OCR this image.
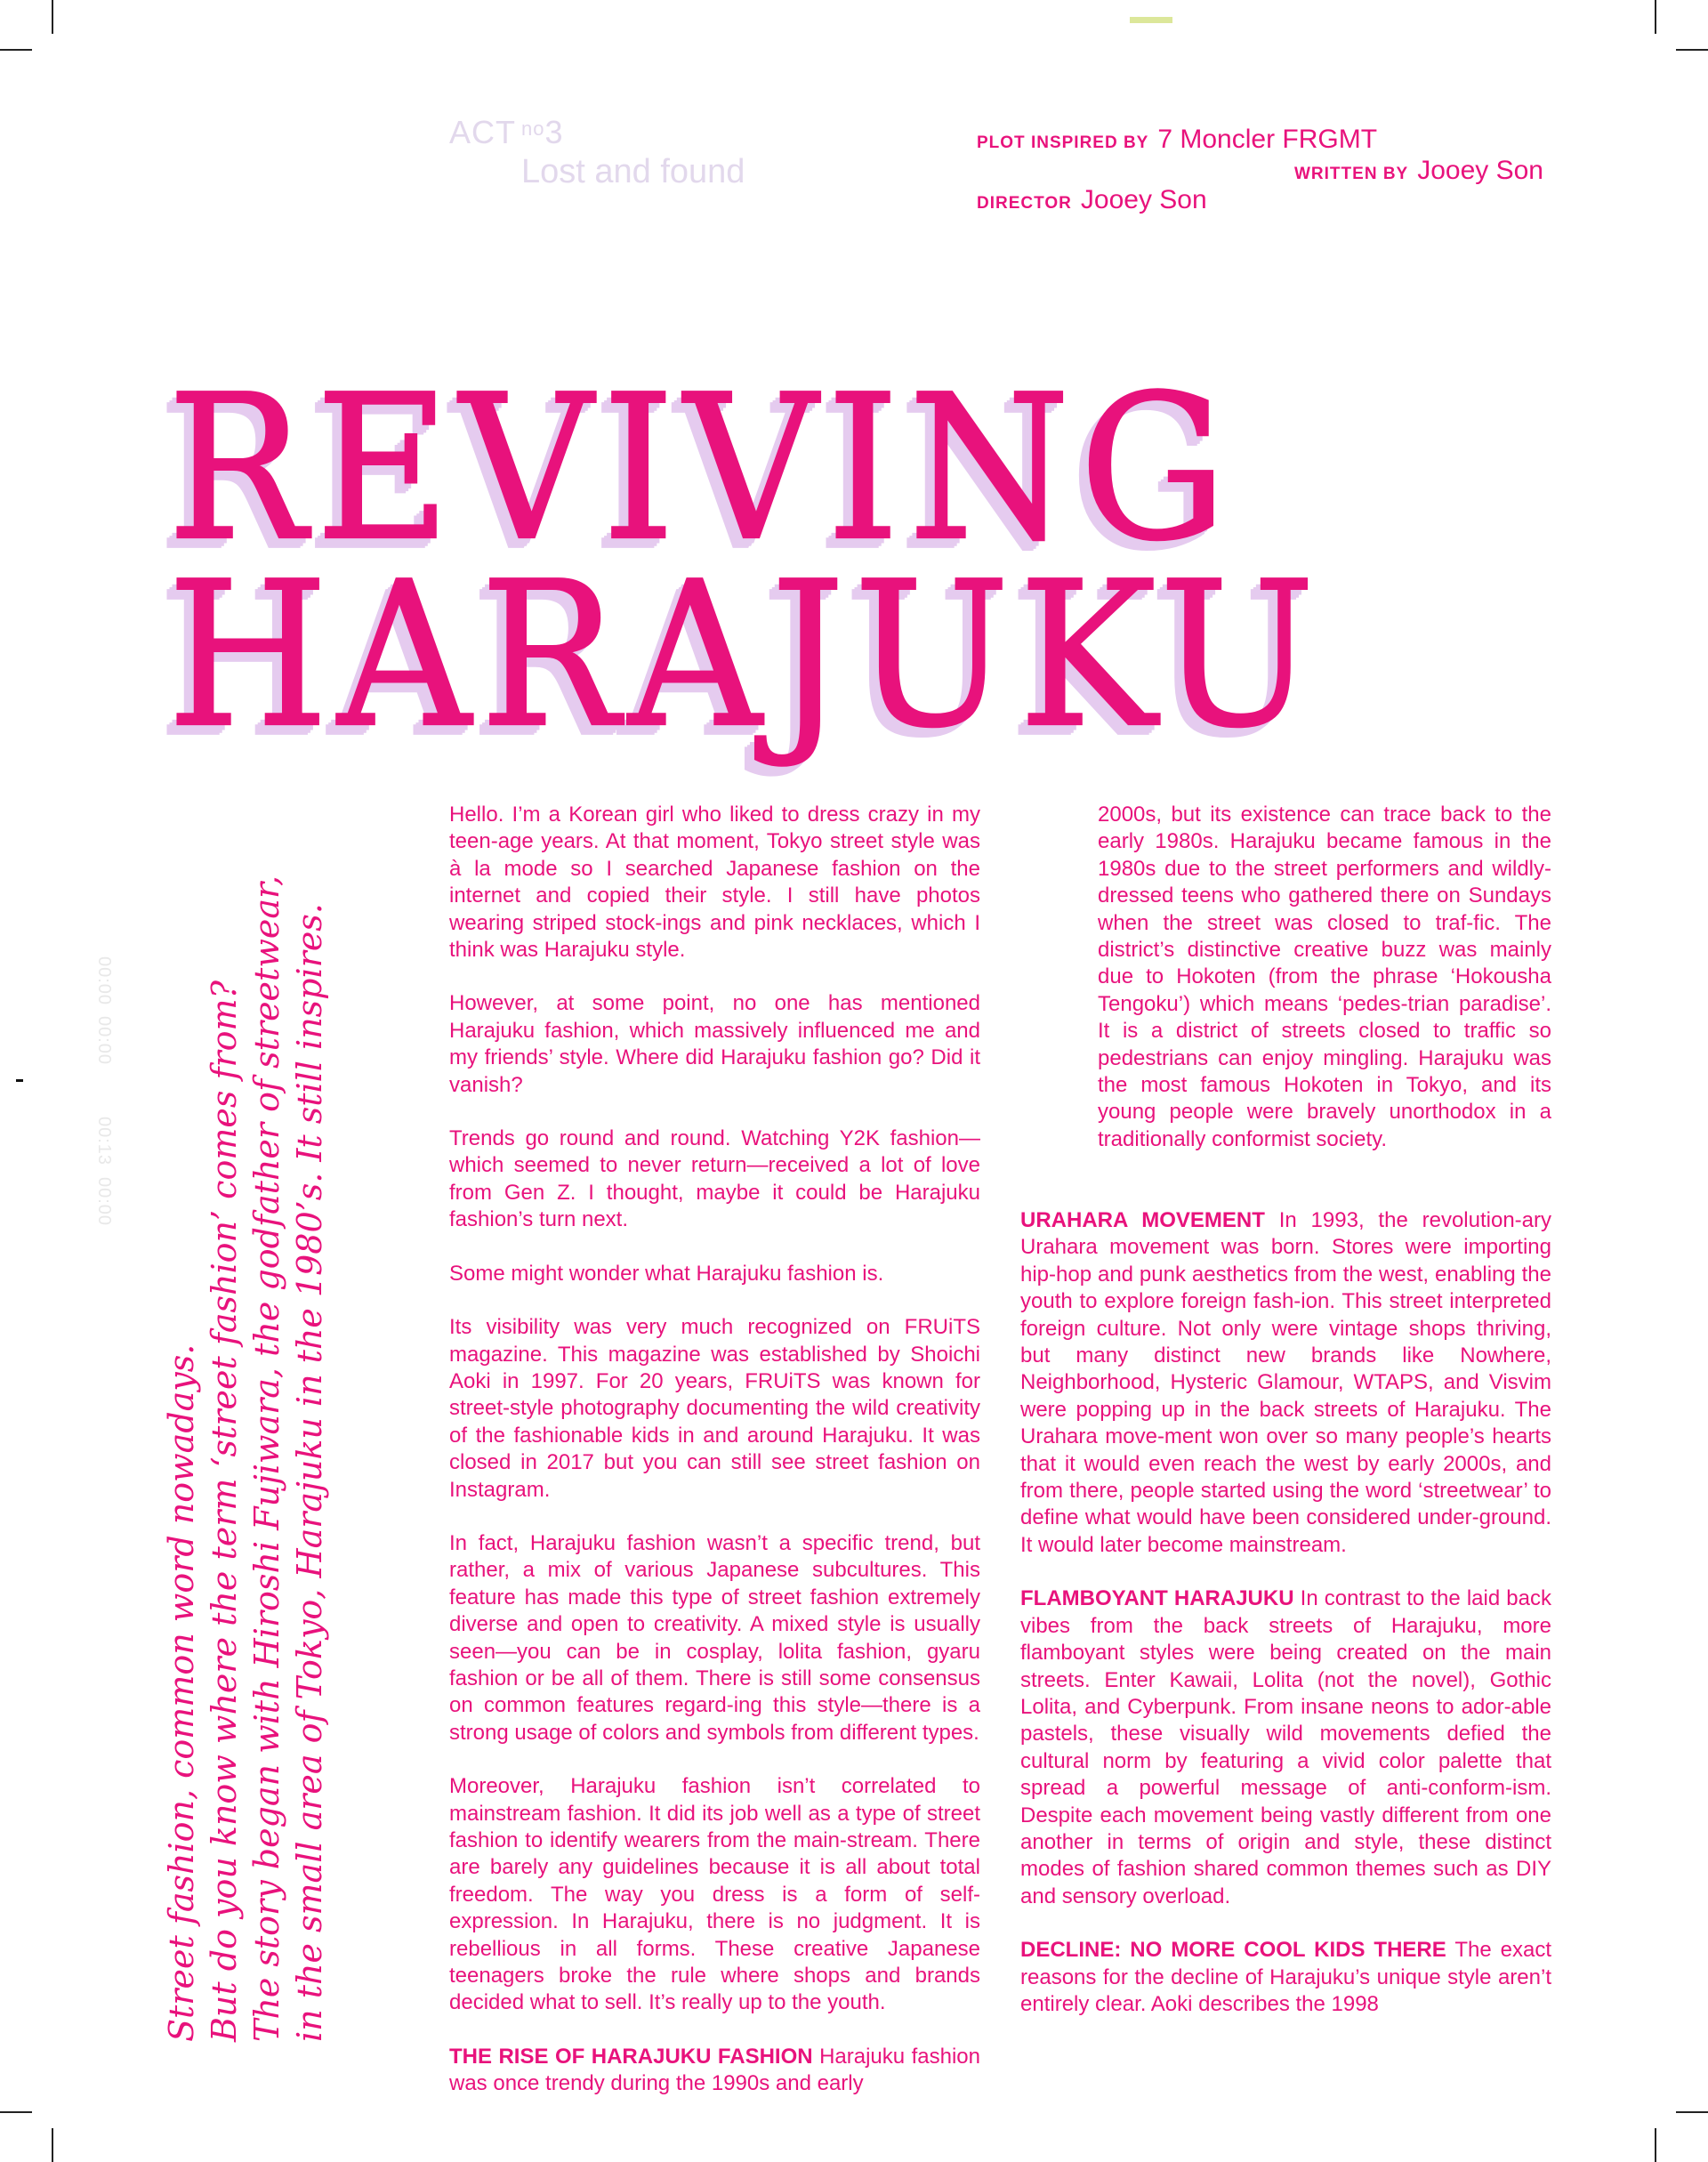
ACT $^{no}$3
Lost and found
PLOT INSPIRED BY 7 Moncler FRGMT
WRITTEN BY Jooey Son
DIRECTOR Jooey Son
REVIVING
HARAJUKU
Street fashion, common word nowadays. But do you know where the term ‘street fashion’ comes from? The story began with Hiroshi Fujiwara, the godfather of streetwear, in the small area of Tokyo, Harajuku in the 1980’s. It still inspires.
00:00
00:13
00:00
00:00

Hello. I’m a Korean girl who liked to dress crazy in my teen-age years. At that moment, Tokyo street style was à la mode so I searched Japanese fashion on the internet and copied their style. I still have photos wearing striped stock-ings and pink necklaces, which I think was Harajuku style.

However, at some point, no one has mentioned Harajuku fashion, which massively influenced me and my friends’ style. Where did Harajuku fashion go? Did it vanish?

Trends go round and round. Watching Y2K fashion—which seemed to never return—received a lot of love from Gen Z. I thought, maybe it could be Harajuku fashion’s turn next.

Some might wonder what Harajuku fashion is.

Its visibility was very much recognized on FRUiTS magazine. This magazine was established by Shoichi Aoki in 1997. For 20 years, FRUiTS was known for street-style photography documenting the wild creativity of the fashionable kids in and around Harajuku. It was closed in 2017 but you can still see street fashion on Instagram.

In fact, Harajuku fashion wasn’t a specific trend, but rather, a mix of various Japanese subcultures. This feature has made this type of street fashion extremely diverse and open to creativity. A mixed style is usually seen—you can be in cosplay, lolita fashion, gyaru fashion or be all of them. There is still some consensus on common features regard-ing this style—there is a strong usage of colors and symbols from different types.

Moreover, Harajuku fashion isn’t correlated to mainstream fashion. It did its job well as a type of street fashion to identify wearers from the main-stream. There are barely any guidelines because it is all about total freedom. The way you dress is a form of self-expression. In Harajuku, there is no judgment. It is rebellious in all forms. These creative Japanese teenagers broke the rule where shops and brands decided what to sell. It’s really up to the youth.

THE RISE OF HARAJUKU FASHION Harajuku fashion was once trendy during the 1990s and early

2000s, but its existence can trace back to the early 1980s. Harajuku became famous in the 1980s due to the street performers and wildly-dressed teens who gathered there on Sundays when the street was closed to traf-fic. The district’s distinctive creative buzz was mainly due to Hokoten (from the phrase ‘Hokousha Tengoku’) which means ‘pedes-trian paradise’. It is a district of streets closed to traffic so pedestrians can enjoy mingling. Harajuku was the most famous Hokoten in Tokyo, and its young people were bravely unorthodox in a traditionally conformist society.

URAHARA MOVEMENT In 1993, the revolution-ary Urahara movement was born. Stores were importing hip-hop and punk aesthetics from the west, enabling the youth to explore foreign fash-ion. This street interpreted foreign culture. Not only were vintage shops thriving, but many distinct new brands like Nowhere, Neighborhood, Hysteric Glamour, WTAPS, and Visvim were popping up in the back streets of Harajuku. The Urahara move-ment won over so many people’s hearts that it would even reach the west by early 2000s, and from there, people started using the word ‘streetwear’ to define what would have been considered under-ground. It would later become mainstream.

FLAMBOYANT HARAJUKU In contrast to the laid back vibes from the back streets of Harajuku, more flamboyant styles were being created on the main streets. Enter Kawaii, Lolita (not the novel), Gothic Lolita, and Cyberpunk. From insane neons to ador-able pastels, these visually wild movements defied the cultural norm by featuring a vivid color palette that spread a powerful message of anti-conform-ism. Despite each movement being vastly different from one another in terms of origin and style, these distinct modes of fashion shared common themes such as DIY and sensory overload.

DECLINE: NO MORE COOL KIDS THERE The exact reasons for the decline of Harajuku’s unique style aren’t entirely clear. Aoki describes the 1998
